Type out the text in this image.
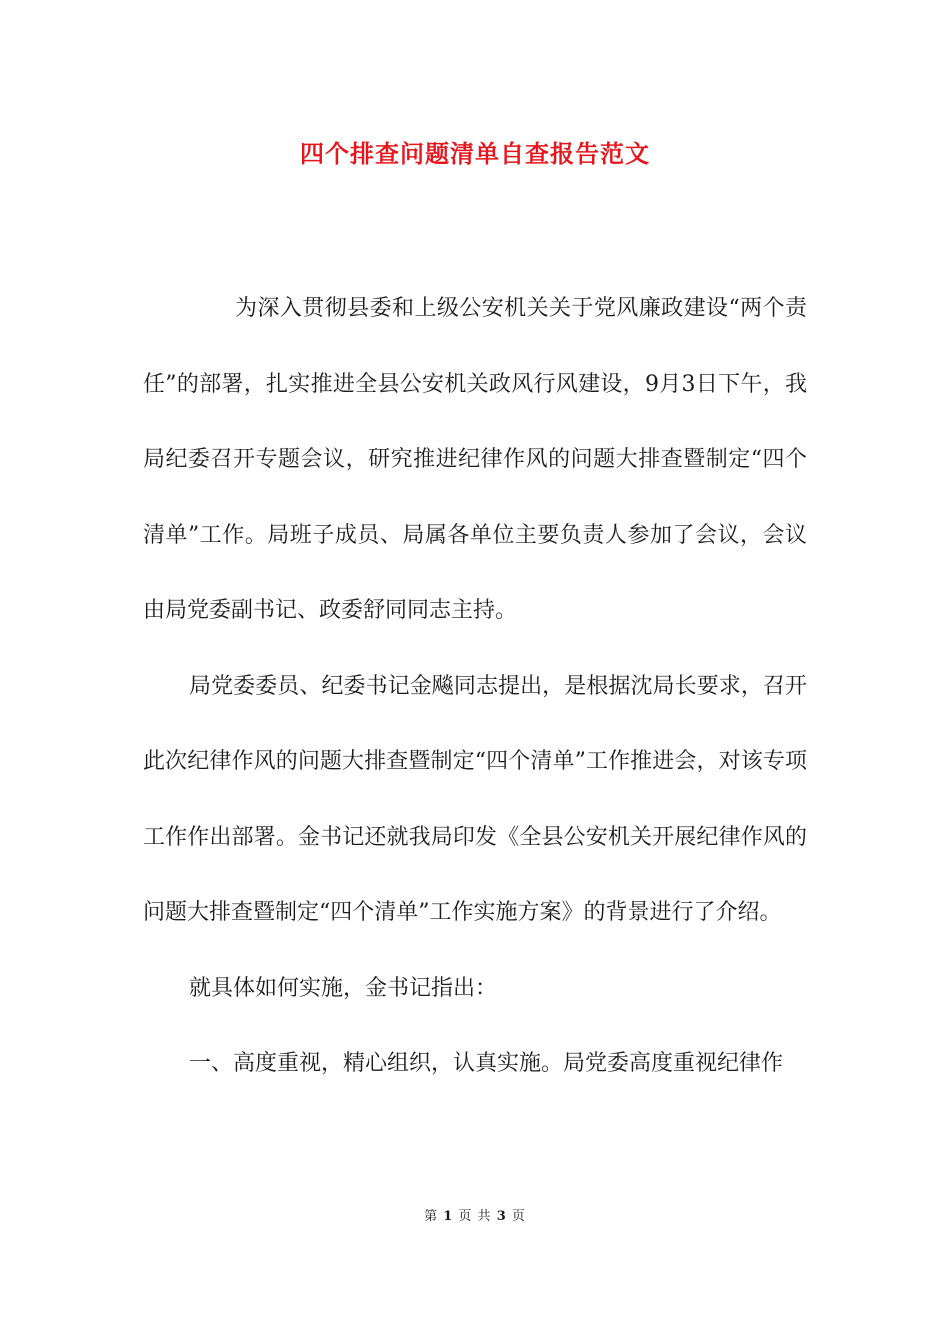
四个排查问题清单自查报告范文

为深入贯彻县委和上级公安机关关于党风廉政建设“两个责任”的部署，扎实推进全县公安机关政风行风建设，9月3日下午，我局纪委召开专题会议，研究推进纪律作风的问题大排查暨制定“四个清单”工作。局班子成员、局属各单位主要负责人参加了会议，会议由局党委副书记、政委舒同同志主持。

局党委委员、纪委书记金飚同志提出，是根据沈局长要求，召开此次纪律作风的问题大排查暨制定“四个清单”工作推进会，对该专项工作作出部署。金书记还就我局印发《全县公安机关开展纪律作风的问题大排查暨制定“四个清单”工作实施方案》的背景进行了介绍。

就具体如何实施，金书记指出：

一、高度重视，精心组织，认真实施。局党委高度重视纪律作

第 1 页 共 3 页
